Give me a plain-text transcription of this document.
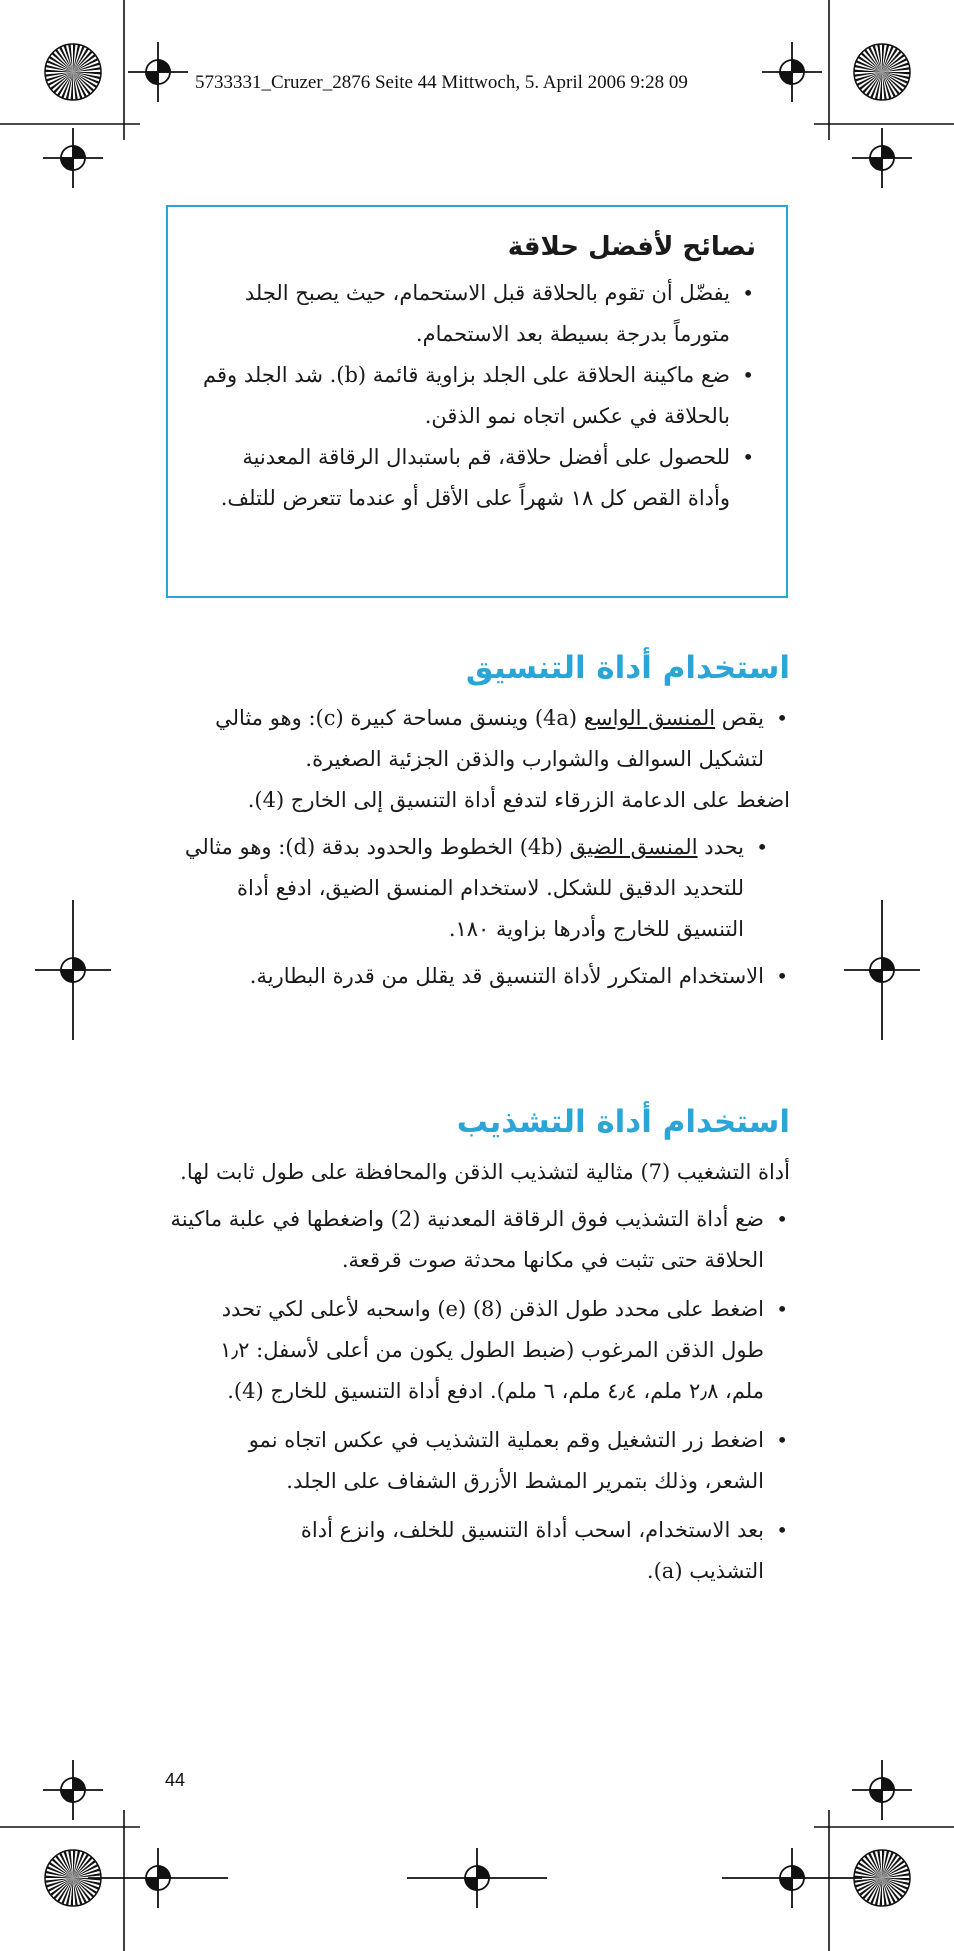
5733331_Cruzer_2876 Seite 44 Mittwoch, 5. April 2006 9:28 09
نصائح لأفضل حلاقة
• يفضّل أن تقوم بالحلاقة قبل الاستحمام، حيث يصبح الجلد متورماً بدرجة بسيطة بعد الاستحمام.
• ضع ماكينة الحلاقة على الجلد بزاوية قائمة (b). شد الجلد وقم بالحلاقة في عكس اتجاه نمو الذقن.
• للحصول على أفضل حلاقة، قم باستبدال الرقاقة المعدنية وأداة القص كل ١٨ شهراً على الأقل أو عندما تتعرض للتلف.
استخدام أداة التنسيق
• يقص المنسق الواسع (4a) وينسق مساحة كبيرة (c): وهو مثالي لتشكيل السوالف والشوارب والذقن الجزئية الصغيرة.

اضغط على الدعامة الزرقاء لتدفع أداة التنسيق إلى الخارج (4).

• يحدد المنسق الضيق (4b) الخطوط والحدود بدقة (d): وهو مثالي للتحديد الدقيق للشكل. لاستخدام المنسق الضيق، ادفع أداة التنسيق للخارج وأدرها بزاوية ١٨٠.
• الاستخدام المتكرر لأداة التنسيق قد يقلل من قدرة البطارية.
استخدام أداة التشذيب

أداة التشغيب (7) مثالية لتشذيب الذقن والمحافظة على طول ثابت لها.

• ضع أداة التشذيب فوق الرقاقة المعدنية (2) واضغطها في علبة ماكينة الحلاقة حتى تثبت في مكانها محدثة صوت قرقعة.
• اضغط على محدد طول الذقن (8) (e) واسحبه لأعلى لكي تحدد طول الذقن المرغوب (ضبط الطول يكون من أعلى لأسفل: ١٫٢ ملم، ٢٫٨ ملم، ٤٫٤ ملم، ٦ ملم). ادفع أداة التنسيق للخارج (4).
• اضغط زر التشغيل وقم بعملية التشذيب في عكس اتجاه نمو الشعر، وذلك بتمرير المشط الأزرق الشفاف على الجلد.
• بعد الاستخدام، اسحب أداة التنسيق للخلف، وانزع أداة التشذيب (a).
44
